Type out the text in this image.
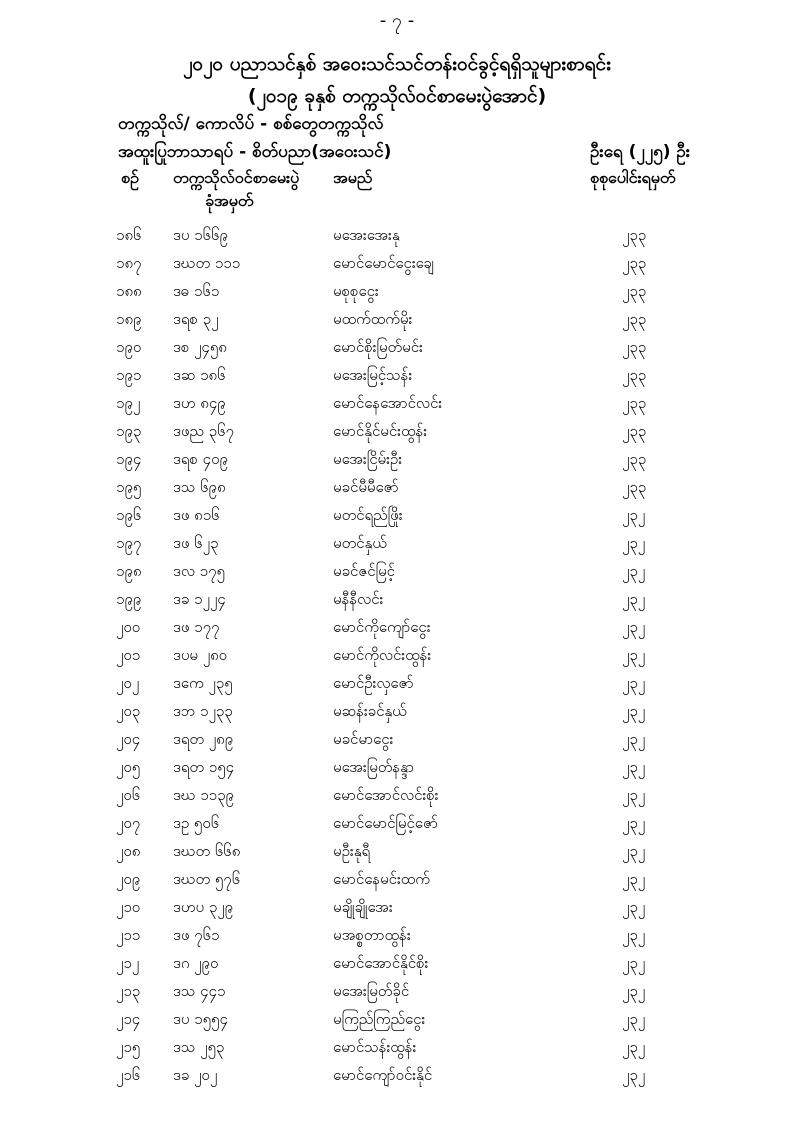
- ၇ -
၂၀၂၀ ပညာသင်နှစ် အဝေးသင်သင်တန်းဝင်ခွင့်ရရှိသူများစာရင်း
(၂၀၁၉ ခုနှစ် တက္ကသိုလ်ဝင်စာမေးပွဲအောင်)
တက္ကသိုလ်/ ကောလိပ် - စစ်တွေတက္ကသိုလ်
အထူးပြုဘာသာရပ် - စိတ်ပညာ(အဝေးသင်)	ဦးရေ (၂၂၅) ဦး
စဉ် တက္ကသိုလ်ဝင်စာမေးပွဲ
ခုံအမှတ်
အမည်	စုစုပေါင်းရမှတ်
၁၈၆ ဒပ ၁၆၆၉	မအေးအေးနု	၂၃၃
၁၈၇ ဒဃတ ၁၁၁	မောင်မောင်ငွေးချေ	၂၃၃
၁၈၈ ဒဓ ၁၆၁	မစုစုငွေး	၂၃၃
၁၈၉ ဒရစ ၃၂	မထက်ထက်မိုး	၂၃၃
၁၉၀ ဒစ ၂၄၅၈	မောင်စိုးမြတ်မင်း	၂၃၃
၁၉၁ ဒဆ ၁၈၆	မအေးမြင့်သန်း	၂၃၃
၁၉၂ ဒဟ ၈၄၉	မောင်နေအောင်လင်း	၂၃၃
၁၉၃ ဒဖည ၃၆၇	မောင်နိုင်မင်းထွန်း	၂၃၃
၁၉၄ ဒရစ ၄၀၉	မအေးငြိမ်းဦး	၂၃၃
၁၉၅ ဒသ ၆၉၈	မခင်မီမီဇော်	၂၃၃
၁၉၆ ဒဖ ၈၁၆	မတင်ရည်ဖြိုး	၂၃၂
၁၉၇ ဒဖ ၆၂၃	မတင်နှယ်	၂၃၂
၁၉၈ ဒလ ၁၇၅	မခင်ဇင်မြင့်	၂၃၂
၁၉၉ ဒခ ၁၂၂၄	မနီနီလင်း	၂၃၂
၂၀၀ ဒဖ ၁၇၇	မောင်ကိုကျော်ငွေး	၂၃၂
၂၀၁ ဒပမ ၂၈၀	မောင်ကိုလင်းထွန်း	၂၃၂
၂၀၂ ဒကေ ၂၃၅	မောင်ဦးလှဇော်	၂၃၂
၂၀၃ ဒဘ ၁၂၃၃	မဆန်းခင်နှယ်	၂၃၂
၂၀၄ ဒရတ ၂၈၉	မခင်မာငွေး	၂၃၂
၂၀၅ ဒရတ ၁၅၄	မအေးမြတ်နန္ဒာ	၂၃၂
၂၀၆ ဒဃ ၁၁၃၉	မောင်အောင်လင်းစိုး	၂၃၂
၂၀၇ ဒဥ ၅၀၆	မောင်မောင်မြင့်ဇော်	၂၃၂
၂၀၈ ဒဃတ ၆၆၈	မဦးနုရီ	၂၃၂
၂၀၉ ဒဃတ ၅၇၆	မောင်နေမင်းထက်	၂၃၂
၂၁၀ ဒဟပ ၃၂၉	မချိုချိုအေး	၂၃၂
၂၁၁ ဒဖ ၇၆၁	မအစ္စတာထွန်း	၂၃၂
၂၁၂ ဒဂ ၂၉၀	မောင်အောင်နိုင်စိုး	၂၃၂
၂၁၃ ဒသ ၄၄၁	မအေးမြတ်ခိုင်	၂၃၂
၂၁၄ ဒပ ၁၅၅၄	မကြည်ကြည်ငွေး	၂၃၂
၂၁၅ ဒသ ၂၅၃	မောင်သန်းထွန်း	၂၃၂
၂၁၆ ဒခ ၂၀၂	မောင်ကျော်ဝင်းနိုင်	၂၃၂
